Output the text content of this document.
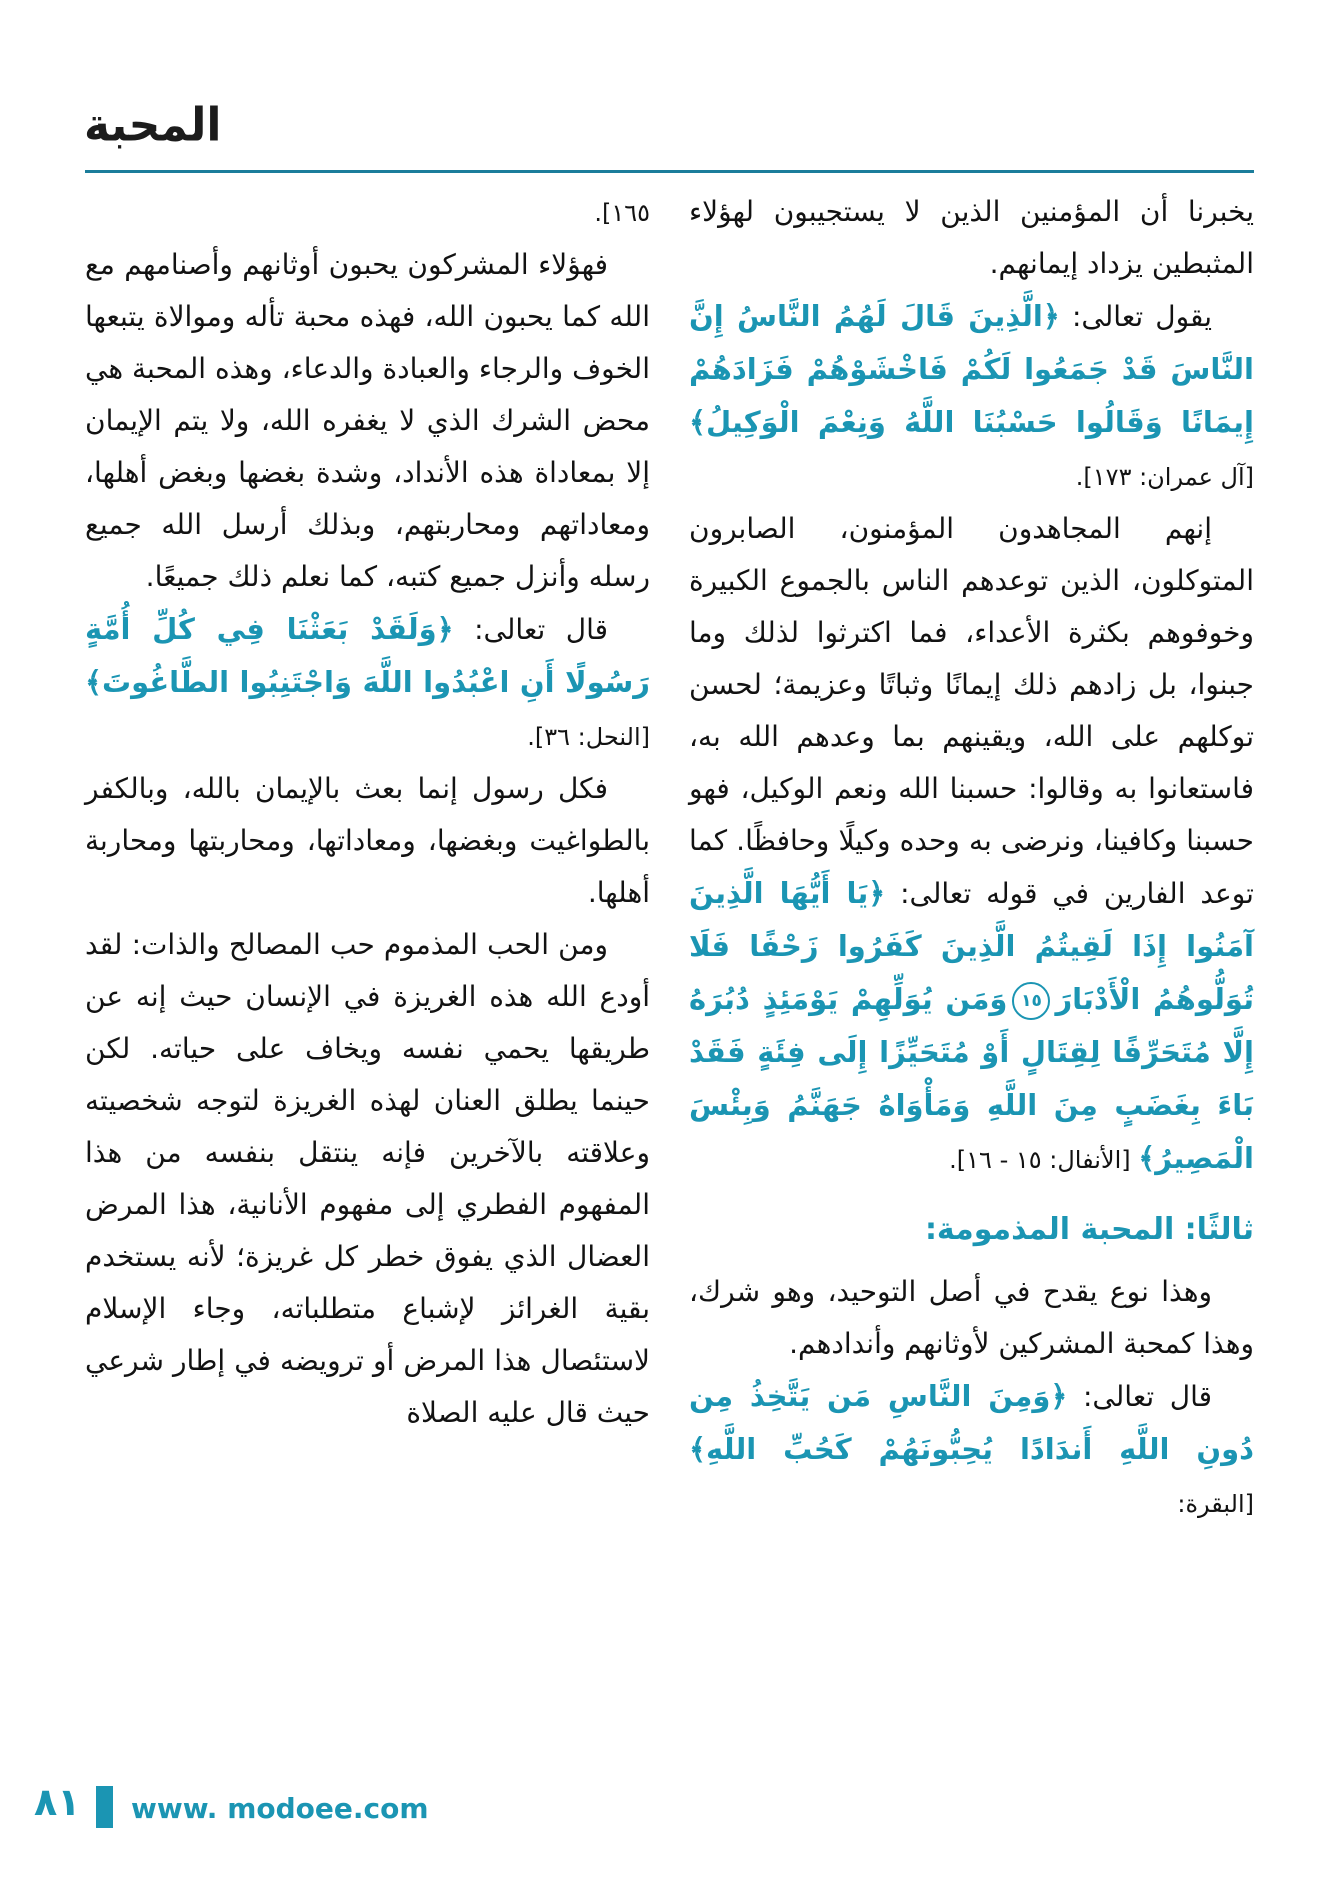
المحبة

يخبرنا أن المؤمنين الذين لا يستجيبون لهؤلاء المثبطين يزداد إيمانهم.

يقول تعالى: ﴿الَّذِينَ قَالَ لَهُمُ النَّاسُ إِنَّ النَّاسَ قَدْ جَمَعُوا لَكُمْ فَاخْشَوْهُمْ فَزَادَهُمْ إِيمَانًا وَقَالُوا حَسْبُنَا اللَّهُ وَنِعْمَ الْوَكِيلُ﴾ [آل عمران: ١٧٣].

إنهم المجاهدون المؤمنون، الصابرون المتوكلون، الذين توعدهم الناس بالجموع الكبيرة وخوفوهم بكثرة الأعداء، فما اكترثوا لذلك وما جبنوا، بل زادهم ذلك إيمانًا وثباتًا وعزيمة؛ لحسن توكلهم على الله، ويقينهم بما وعدهم الله به، فاستعانوا به وقالوا: حسبنا الله ونعم الوكيل، فهو حسبنا وكافينا، ونرضى به وحده وكيلًا وحافظًا. كما توعد الفارين في قوله تعالى: ﴿يَا أَيُّهَا الَّذِينَ آمَنُوا إِذَا لَقِيتُمُ الَّذِينَ كَفَرُوا زَحْفًا فَلَا تُوَلُّوهُمُ الْأَدْبَارَ١٥وَمَن يُوَلِّهِمْ يَوْمَئِذٍ دُبُرَهُ إِلَّا مُتَحَرِّفًا لِقِتَالٍ أَوْ مُتَحَيِّزًا إِلَى فِئَةٍ فَقَدْ بَاءَ بِغَضَبٍ مِنَ اللَّهِ وَمَأْوَاهُ جَهَنَّمُ وَبِئْسَ الْمَصِيرُ﴾ [الأنفال: ١٥ - ١٦].

ثالثًا: المحبة المذمومة:

وهذا نوع يقدح في أصل التوحيد، وهو شرك، وهذا كمحبة المشركين لأوثانهم وأندادهم.

قال تعالى: ﴿وَمِنَ النَّاسِ مَن يَتَّخِذُ مِن دُونِ اللَّهِ أَندَادًا يُحِبُّونَهُمْ كَحُبِّ اللَّهِ﴾ [البقرة:

١٦٥].

فهؤلاء المشركون يحبون أوثانهم وأصنامهم مع الله كما يحبون الله، فهذه محبة تأله وموالاة يتبعها الخوف والرجاء والعبادة والدعاء، وهذه المحبة هي محض الشرك الذي لا يغفره الله، ولا يتم الإيمان إلا بمعاداة هذه الأنداد، وشدة بغضها وبغض أهلها، ومعاداتهم ومحاربتهم، وبذلك أرسل الله جميع رسله وأنزل جميع كتبه، كما نعلم ذلك جميعًا.

قال تعالى: ﴿وَلَقَدْ بَعَثْنَا فِي كُلِّ أُمَّةٍ رَسُولًا أَنِ اعْبُدُوا اللَّهَ وَاجْتَنِبُوا الطَّاغُوتَ﴾ [النحل: ٣٦].

فكل رسول إنما بعث بالإيمان بالله، وبالكفر بالطواغيت وبغضها، ومعاداتها، ومحاربتها ومحاربة أهلها.

ومن الحب المذموم حب المصالح والذات: لقد أودع الله هذه الغريزة في الإنسان حيث إنه عن طريقها يحمي نفسه ويخاف على حياته. لكن حينما يطلق العنان لهذه الغريزة لتوجه شخصيته وعلاقته بالآخرين فإنه ينتقل بنفسه من هذا المفهوم الفطري إلى مفهوم الأنانية، هذا المرض العضال الذي يفوق خطر كل غريزة؛ لأنه يستخدم بقية الغرائز لإشباع متطلباته، وجاء الإسلام لاستئصال هذا المرض أو ترويضه في إطار شرعي حيث قال عليه الصلاة

٨١ www. modoee.com
